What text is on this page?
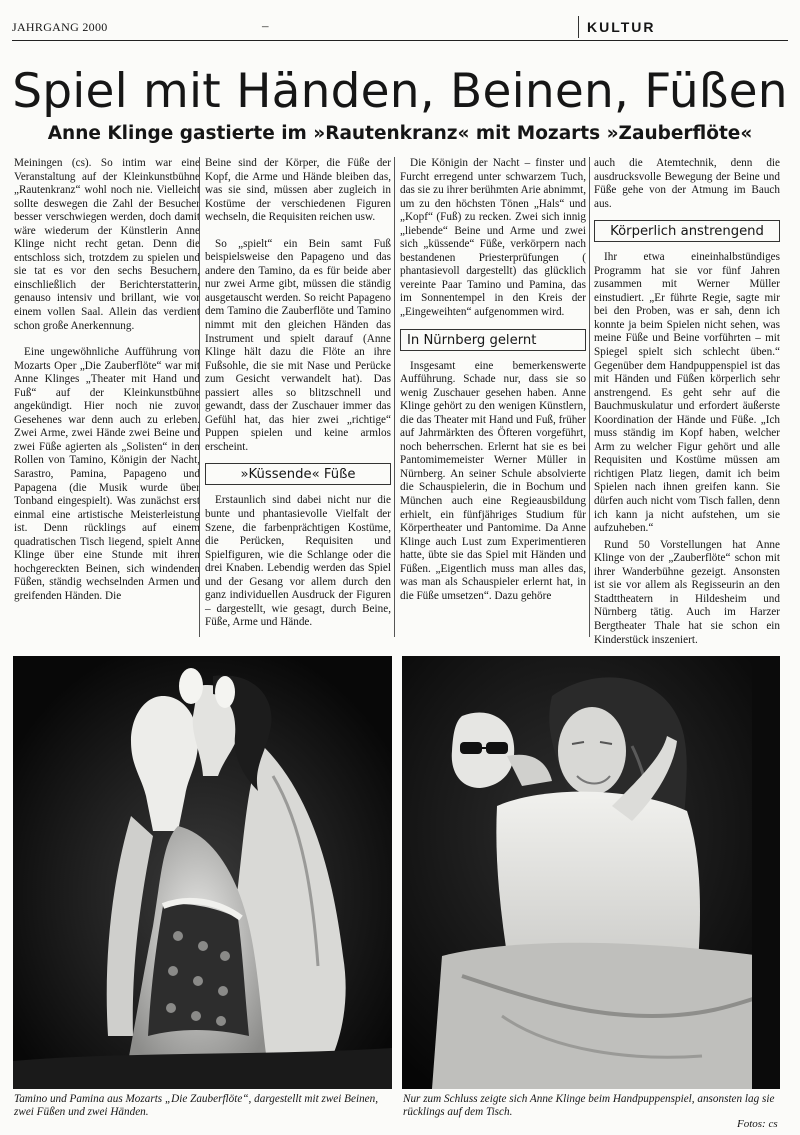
JAHRGANG 2000	–	KULTUR
Spiel mit Händen, Beinen, Füßen
Anne Klinge gastierte im »Rautenkranz« mit Mozarts »Zauberflöte«

Meiningen (cs). So intim war eine Veranstaltung auf der Kleinkunstbühne „Rautenkranz“ wohl noch nie. Vielleicht sollte deswegen die Zahl der Besucher besser verschwiegen werden, doch damit wäre wiederum der Künstlerin Anne Klinge nicht recht getan. Denn die entschloss sich, trotzdem zu spielen und sie tat es vor den sechs Besuchern, einschließlich der Berichterstatterin, genauso intensiv und brillant, wie vor einem vollen Saal. Allein das verdient schon große Anerkennung.

Eine ungewöhnliche Aufführung von Mozarts Oper „Die Zauberflöte“ war mit Anne Klinges „Theater mit Hand und Fuß“ auf der Kleinkunstbühne angekündigt. Hier noch nie zuvor Gesehenes war denn auch zu erleben. Zwei Arme, zwei Hände zwei Beine und zwei Füße agierten als „Solisten“ in den Rollen von Tamino, Königin der Nacht, Sarastro, Pamina, Papageno und Papagena (die Musik wurde über Tonband eingespielt). Was zunächst erst einmal eine artistische Meisterleistung ist. Denn rücklings auf einem quadratischen Tisch liegend, spielt Anne Klinge über eine Stunde mit ihren hochgereckten Beinen, sich windenden Füßen, ständig wechselnden Armen und greifenden Händen. Die

Beine sind der Körper, die Füße der Kopf, die Arme und Hände bleiben das, was sie sind, müssen aber zugleich in Kostüme der verschiedenen Figuren wechseln, die Requisiten reichen usw.

So „spielt“ ein Bein samt Fuß beispielsweise den Papageno und das andere den Tamino, da es für beide aber nur zwei Arme gibt, müssen die ständig ausgetauscht werden. So reicht Papageno dem Tamino die Zauberflöte und Tamino nimmt mit den gleichen Händen das Instrument und spielt darauf (Anne Klinge hält dazu die Flöte an ihre Fußsohle, die sie mit Nase und Perücke zum Gesicht verwandelt hat). Das passiert alles so blitzschnell und gewandt, dass der Zuschauer immer das Gefühl hat, das hier zwei „richtige“ Puppen spielen und keine armlos erscheint.

»Küssende« Füße

Erstaunlich sind dabei nicht nur die bunte und phantasievolle Vielfalt der Szene, die farbenprächtigen Kostüme, die Perücken, Requisiten und Spielfiguren, wie die Schlange oder die drei Knaben. Lebendig werden das Spiel und der Gesang vor allem durch den ganz individuellen Ausdruck der Figuren – dargestellt, wie gesagt, durch Beine, Füße, Arme und Hände.

Die Königin der Nacht – finster und Furcht erregend unter schwarzem Tuch, das sie zu ihrer berühmten Arie abnimmt, um zu den höchsten Tönen „Hals“ und „Kopf“ (Fuß) zu recken. Zwei sich innig „liebende“ Beine und Arme und zwei sich „küssende“ Füße, verkörpern nach bestandenen Priesterprüfungen ( phantasievoll dargestellt) das glücklich vereinte Paar Tamino und Pamina, das im Sonnentempel in den Kreis der „Eingeweihten“ aufgenommen wird.

In Nürnberg gelernt

Insgesamt eine bemerkenswerte Aufführung. Schade nur, dass sie so wenig Zuschauer gesehen haben. Anne Klinge gehört zu den wenigen Künstlern, die das Theater mit Hand und Fuß, früher auf Jahrmärkten des Öfteren vorgeführt, noch beherrschen. Erlernt hat sie es bei Pantomimemeister Werner Müller in Nürnberg. An seiner Schule absolvierte die Schauspielerin, die in Bochum und München auch eine Regieausbildung erhielt, ein fünfjähriges Studium für Körpertheater und Pantomime. Da Anne Klinge auch Lust zum Experimentieren hatte, übte sie das Spiel mit Händen und Füßen. „Eigentlich muss man alles das, was man als Schauspieler erlernt hat, in die Füße umsetzen“. Dazu gehöre

auch die Atemtechnik, denn die ausdrucksvolle Bewegung der Beine und Füße gehe von der Atmung im Bauch aus.

Körperlich anstrengend

Ihr etwa eineinhalbstündiges Programm hat sie vor fünf Jahren zusammen mit Werner Müller einstudiert. „Er führte Regie, sagte mir bei den Proben, was er sah, denn ich konnte ja beim Spielen nicht sehen, was meine Füße und Beine vorführten – mit Spiegel spielt sich schlecht üben.“ Gegenüber dem Handpuppenspiel ist das mit Händen und Füßen körperlich sehr anstrengend. Es geht sehr auf die Bauchmuskulatur und erfordert äußerste Koordination der Hände und Füße. „Ich muss ständig im Kopf haben, welcher Arm zu welcher Figur gehört und alle Requisiten und Kostüme müssen am richtigen Platz liegen, damit ich beim Spielen nach ihnen greifen kann. Sie dürfen auch nicht vom Tisch fallen, denn ich kann ja nicht aufstehen, um sie aufzuheben.“

Rund 50 Vorstellungen hat Anne Klinge von der „Zauberflöte“ schon mit ihrer Wanderbühne gezeigt. Ansonsten ist sie vor allem als Regisseurin an den Stadttheatern in Hildesheim und Nürnberg tätig. Auch im Harzer Bergtheater Thale hat sie schon ein Kinderstück inszeniert.

Tamino und Pamina aus Mozarts „Die Zauberflöte“, dargestellt mit zwei Beinen, zwei Füßen und zwei Händen.
Nur zum Schluss zeigte sich Anne Klinge beim Handpuppenspiel, ansonsten lag sie rücklings auf dem Tisch.
Fotos: cs
